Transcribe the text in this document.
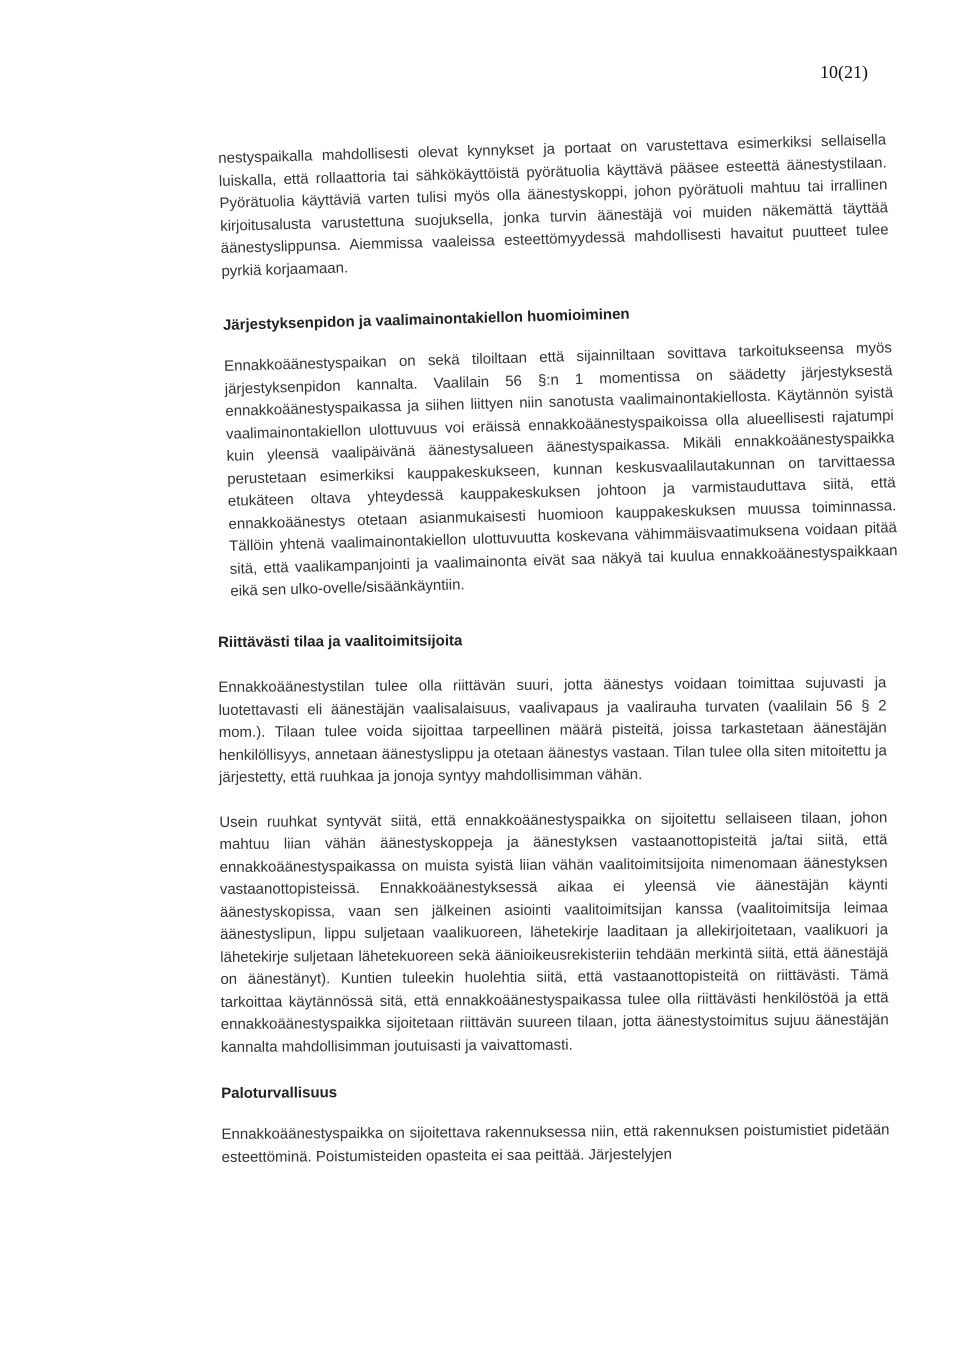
10(21)

nestyspaikalla mahdollisesti olevat kynnykset ja portaat on varustettava esimerkiksi sellaisella luiskalla, että rollaattoria tai sähkökäyttöistä pyörätuolia käyttävä pääsee esteettä äänestystilaan. Pyörätuolia käyttäviä varten tulisi myös olla äänestyskoppi, johon pyörätuoli mahtuu tai irrallinen kirjoitusalusta varustettuna suojuksella, jonka turvin äänestäjä voi muiden näkemättä täyttää äänestyslippunsa. Aiemmissa vaaleissa esteettömyydessä mahdollisesti havaitut puutteet tulee pyrkiä korjaamaan.

Järjestyksenpidon ja vaalimainontakiellon huomioiminen

Ennakkoäänestyspaikan on sekä tiloiltaan että sijainniltaan sovittava tarkoitukseensa myös järjestyksenpidon kannalta. Vaalilain 56 §:n 1 momentissa on säädetty järjestyksestä ennakkoäänestyspaikassa ja siihen liittyen niin sanotusta vaalimainontakiellosta. Käytännön syistä vaalimainontakiellon ulottuvuus voi eräissä ennakkoäänestyspaikoissa olla alueellisesti rajatumpi kuin yleensä vaalipäivänä äänestysalueen äänestyspaikassa. Mikäli ennakkoäänestyspaikka perustetaan esimerkiksi kauppakeskukseen, kunnan keskusvaalilautakunnan on tarvittaessa etukäteen oltava yhteydessä kauppakeskuksen johtoon ja varmistauduttava siitä, että ennakkoäänestys otetaan asianmukaisesti huomioon kauppakeskuksen muussa toiminnassa. Tällöin yhtenä vaalimainontakiellon ulottuvuutta koskevana vähimmäisvaatimuksena voidaan pitää sitä, että vaalikampanjointi ja vaalimainonta eivät saa näkyä tai kuulua ennakkoäänestyspaikkaan eikä sen ulko-ovelle/sisäänkäyntiin.

Riittävästi tilaa ja vaalitoimitsijoita

Ennakkoäänestystilan tulee olla riittävän suuri, jotta äänestys voidaan toimittaa sujuvasti ja luotettavasti eli äänestäjän vaalisalaisuus, vaalivapaus ja vaalirauha turvaten (vaalilain 56 § 2 mom.). Tilaan tulee voida sijoittaa tarpeellinen määrä pisteitä, joissa tarkastetaan äänestäjän henkilöllisyys, annetaan äänestyslippu ja otetaan äänestys vastaan. Tilan tulee olla siten mitoitettu ja järjestetty, että ruuhkaa ja jonoja syntyy mahdollisimman vähän.

Usein ruuhkat syntyvät siitä, että ennakkoäänestyspaikka on sijoitettu sellaiseen tilaan, johon mahtuu liian vähän äänestyskoppeja ja äänestyksen vastaanottopisteitä ja/tai siitä, että ennakkoäänestyspaikassa on muista syistä liian vähän vaalitoimitsijoita nimenomaan äänestyksen vastaanottopisteissä. Ennakkoäänestyksessä aikaa ei yleensä vie äänestäjän käynti äänestyskopissa, vaan sen jälkeinen asiointi vaalitoimitsijan kanssa (vaalitoimitsija leimaa äänestyslipun, lippu suljetaan vaalikuoreen, lähetekirje laaditaan ja allekirjoitetaan, vaalikuori ja lähetekirje suljetaan lähetekuoreen sekä äänioikeusrekisteriin tehdään merkintä siitä, että äänestäjä on äänestänyt). Kuntien tuleekin huolehtia siitä, että vastaanottopisteitä on riittävästi. Tämä tarkoittaa käytännössä sitä, että ennakkoäänestyspaikassa tulee olla riittävästi henkilöstöä ja että ennakkoäänestyspaikka sijoitetaan riittävän suureen tilaan, jotta äänestystoimitus sujuu äänestäjän kannalta mahdollisimman joutuisasti ja vaivattomasti.

Paloturvallisuus

Ennakkoäänestyspaikka on sijoitettava rakennuksessa niin, että rakennuksen poistumistiet pidetään esteettöminä. Poistumisteiden opasteita ei saa peittää. Järjestelyjen
